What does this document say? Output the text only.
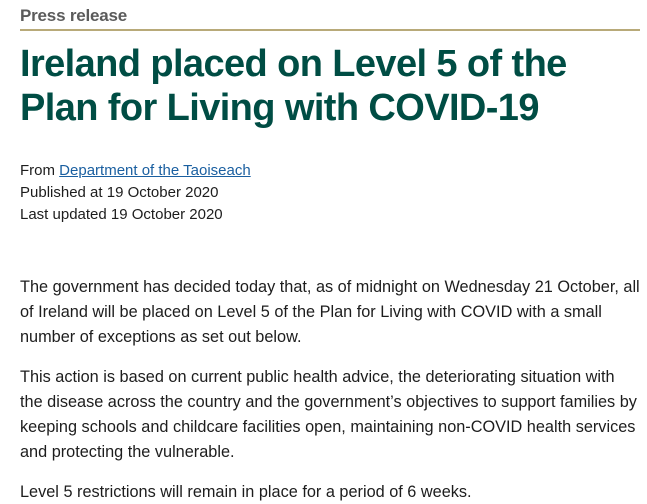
Press release
Ireland placed on Level 5 of the Plan for Living with COVID-19
From Department of the Taoiseach
Published at 19 October 2020
Last updated 19 October 2020

The government has decided today that, as of midnight on Wednesday 21 October, all of Ireland will be placed on Level 5 of the Plan for Living with COVID with a small number of exceptions as set out below.

This action is based on current public health advice, the deteriorating situation with the disease across the country and the government’s objectives to support families by keeping schools and childcare facilities open, maintaining non-COVID health services and protecting the vulnerable.

Level 5 restrictions will remain in place for a period of 6 weeks.
